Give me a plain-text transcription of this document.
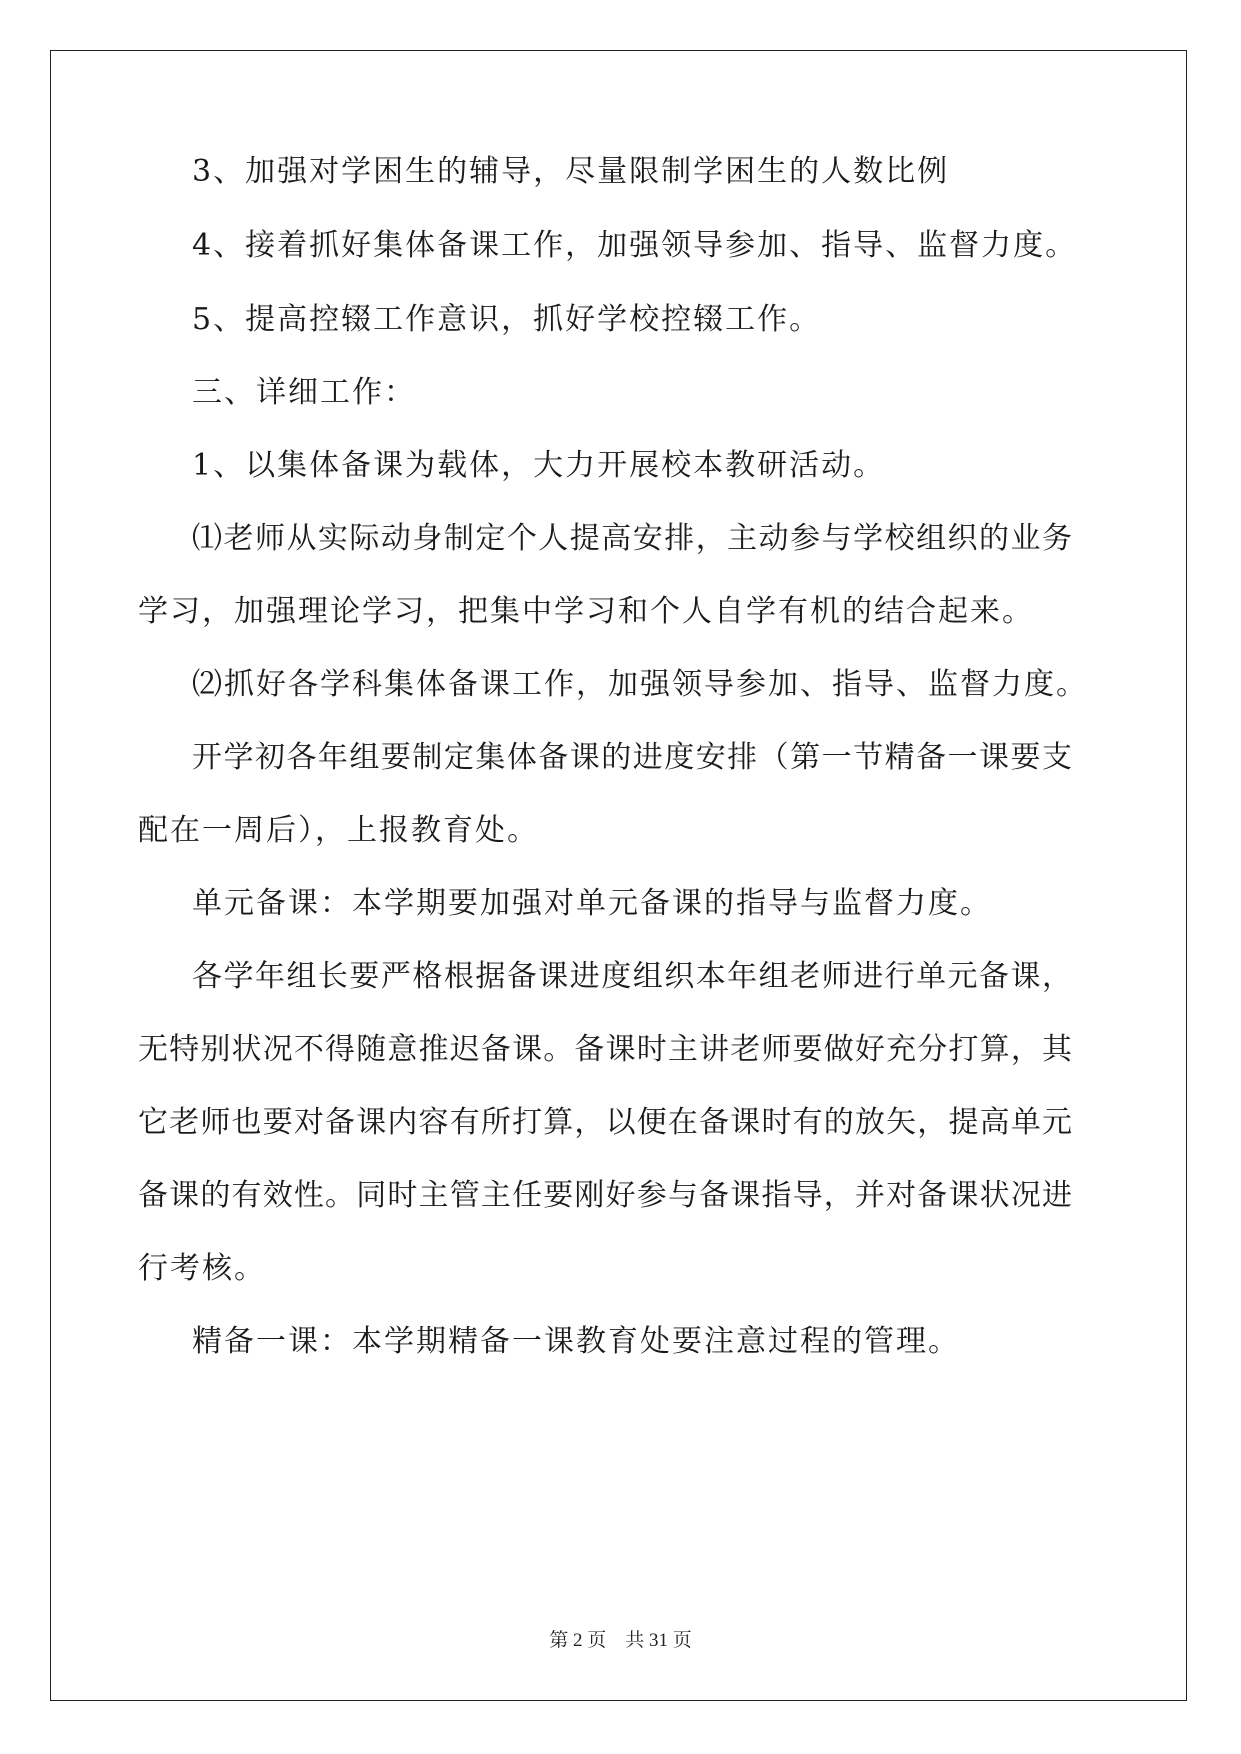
3、加强对学困生的辅导，尽量限制学困生的人数比例
4、接着抓好集体备课工作，加强领导参加、指导、监督力度。
5、提高控辍工作意识，抓好学校控辍工作。
三、详细工作：
1、以集体备课为载体，大力开展校本教研活动。
⑴老师从实际动身制定个人提高安排，主动参与学校组织的业务
学习，加强理论学习，把集中学习和个人自学有机的结合起来。
⑵抓好各学科集体备课工作，加强领导参加、指导、监督力度。
开学初各年组要制定集体备课的进度安排（第一节精备一课要支
配在一周后），上报教育处。
单元备课：本学期要加强对单元备课的指导与监督力度。
各学年组长要严格根据备课进度组织本年组老师进行单元备课，
无特别状况不得随意推迟备课。备课时主讲老师要做好充分打算，其
它老师也要对备课内容有所打算，以便在备课时有的放矢，提高单元
备课的有效性。同时主管主任要刚好参与备课指导，并对备课状况进
行考核。
精备一课：本学期精备一课教育处要注意过程的管理。
第 2 页    共 31 页
